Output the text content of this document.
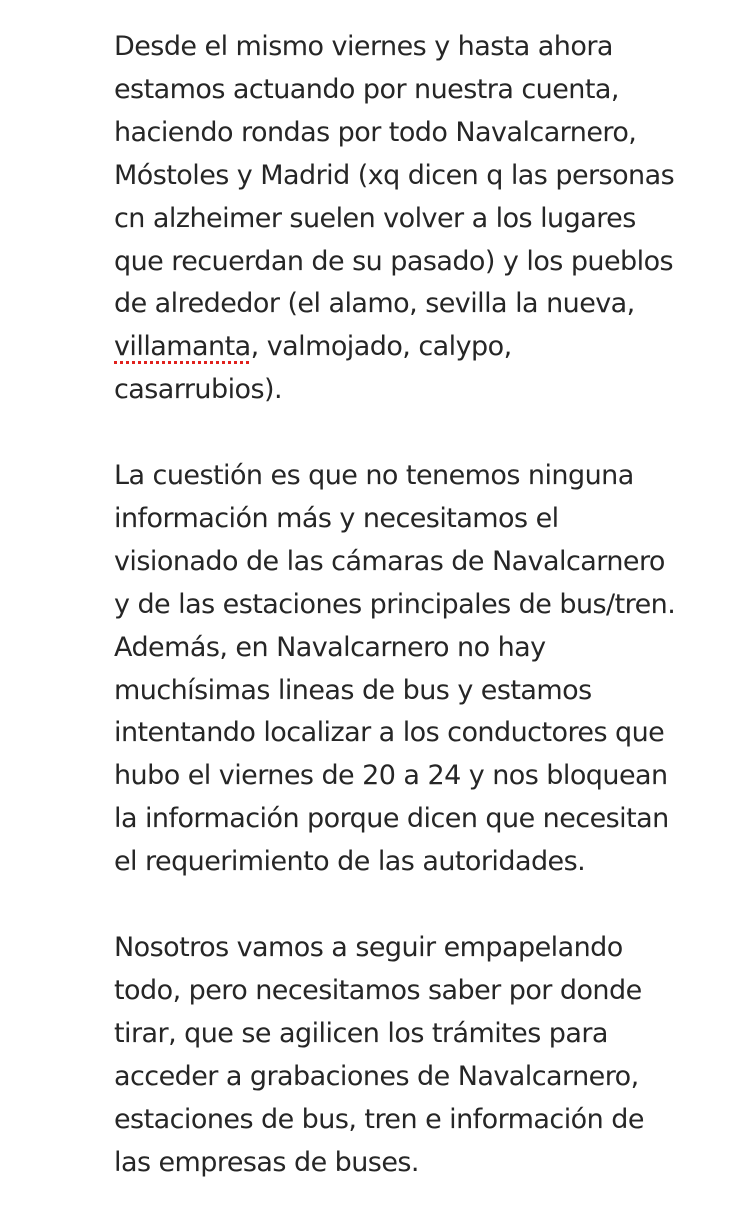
Desde el mismo viernes y hasta ahora
estamos actuando por nuestra cuenta,
haciendo rondas por todo Navalcarnero,
Móstoles y Madrid (xq dicen q las personas
cn alzheimer suelen volver a los lugares
que recuerdan de su pasado) y los pueblos
de alrededor (el alamo, sevilla la nueva,
villamanta, valmojado, calypo,
casarrubios).
La cuestión es que no tenemos ninguna
información más y necesitamos el
visionado de las cámaras de Navalcarnero
y de las estaciones principales de bus/tren.
Además, en Navalcarnero no hay
muchísimas lineas de bus y estamos
intentando localizar a los conductores que
hubo el viernes de 20 a 24 y nos bloquean
la información porque dicen que necesitan
el requerimiento de las autoridades.
Nosotros vamos a seguir empapelando
todo, pero necesitamos saber por donde
tirar, que se agilicen los trámites para
acceder a grabaciones de Navalcarnero,
estaciones de bus, tren e información de
las empresas de buses.
